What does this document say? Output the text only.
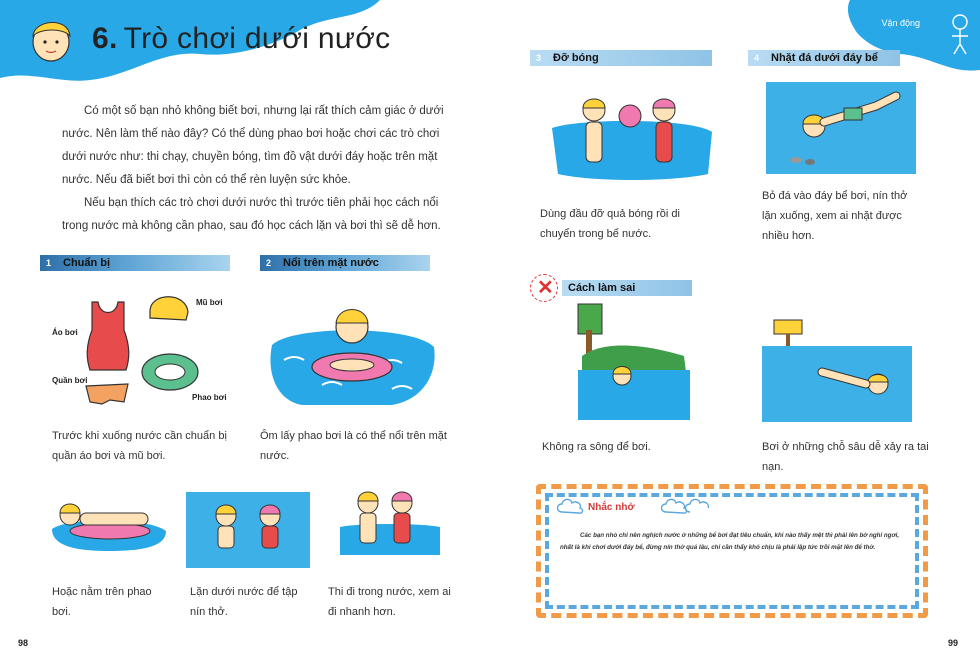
6. Trò chơi dưới nước

Có một số bạn nhỏ không biết bơi, nhưng lại rất thích cảm giác ở dưới nước. Nên làm thế nào đây? Có thể dùng phao bơi hoặc chơi các trò chơi dưới nước như: thi chạy, chuyền bóng, tìm đồ vật dưới đáy hoặc trên mặt nước. Nếu đã biết bơi thì còn có thể rèn luyện sức khỏe.

Nếu bạn thích các trò chơi dưới nước thì trước tiên phải học cách nổi trong nước mà không cần phao, sau đó học cách lặn và bơi thì sẽ dễ hơn.

1 Chuẩn bị	2 Nổi trên mặt nước
Áo bơi
Mũ bơi
Quần bơi
Phao bơi
Trước khi xuống nước cần chuẩn bị quần áo bơi và mũ bơi.
Ôm lấy phao bơi là có thể nổi trên mặt nước.
Hoặc nằm trên phao bơi.
Lặn dưới nước để tập nín thở.
Thi đi trong nước, xem ai đi nhanh hơn.
98
Vận động
3 Đỡ bóng	4 Nhặt đá dưới đáy bể
Dùng đầu đỡ quả bóng rồi di chuyển trong bể nước.
Bỏ đá vào đáy bể bơi, nín thở lặn xuống, xem ai nhặt được nhiều hơn.
✕	Cách làm sai
Không ra sông để bơi.	Bơi ở những chỗ sâu dễ xảy ra tai nạn.
Nhắc nhở
Các bạn nhỏ chỉ nên nghịch nước ở những bể bơi đạt tiêu chuẩn, khi nào thấy mệt thì phải lên bờ nghỉ ngơi, nhất là khi chơi dưới đáy bể, đừng nín thở quá lâu, chỉ cần thấy khó chịu là phải lập tức trồi mặt lên để thở.
99
